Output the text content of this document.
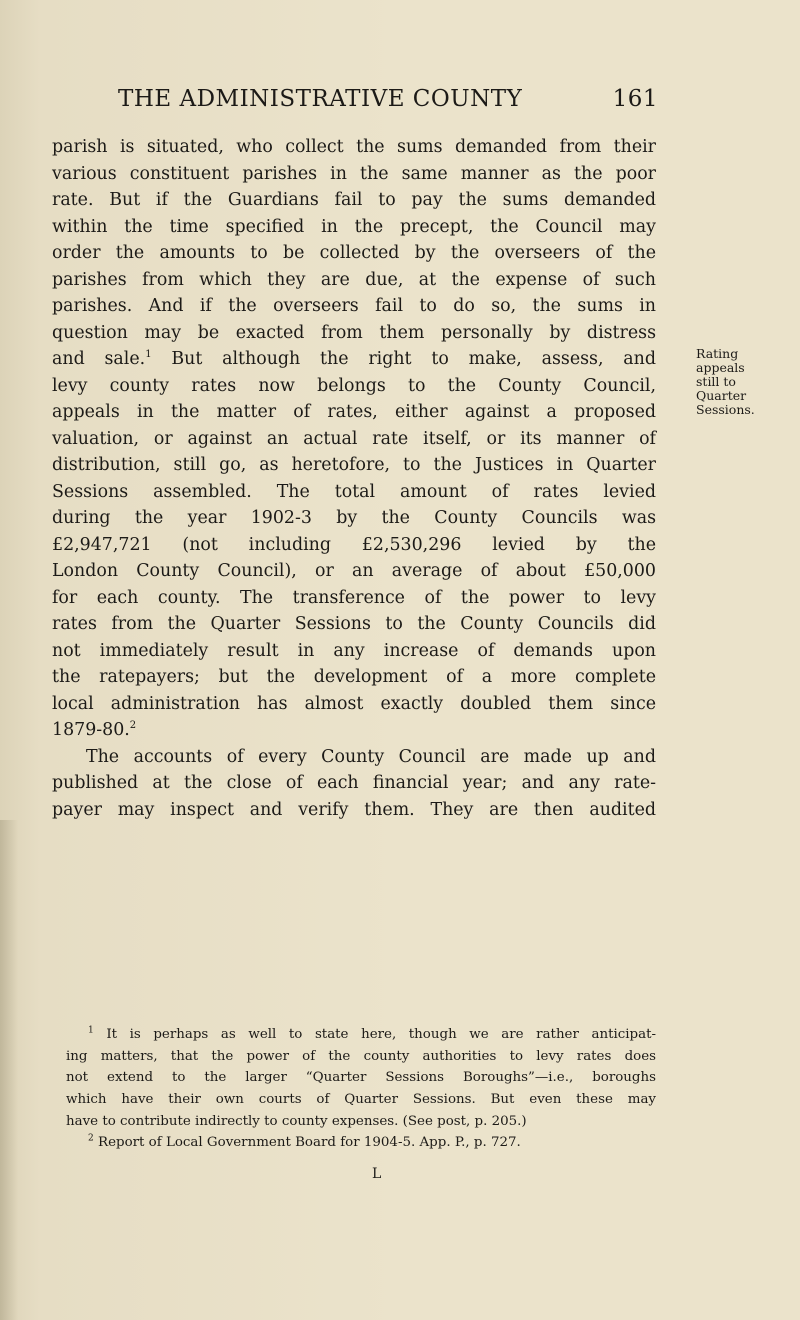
THE ADMINISTRATIVE COUNTY	161
parish is situated, who collect the sums demanded from their
various constituent parishes in the same manner as the poor
rate. But if the Guardians fail to pay the sums demanded
within the time specified in the precept, the Council may
order the amounts to be collected by the overseers of the
parishes from which they are due, at the expense of such
parishes. And if the overseers fail to do so, the sums in
question may be exacted from them personally by distress
and sale.$^1$ But although the right to make, assess, and
levy county rates now belongs to the County Council,
appeals in the matter of rates, either against a proposed
valuation, or against an actual rate itself, or its manner of
distribution, still go, as heretofore, to the Justices in Quarter
Sessions assembled. The total amount of rates levied
during the year 1902-3 by the County Councils was
£2,947,721 (not including £2,530,296 levied by the
London County Council), or an average of about £50,000
for each county. The transference of the power to levy
rates from the Quarter Sessions to the County Councils did
not immediately result in any increase of demands upon
the ratepayers; but the development of a more complete
local administration has almost exactly doubled them since
1879-80.$^2$
The accounts of every County Council are made up and
published at the close of each financial year; and any rate-
payer may inspect and verify them. They are then audited
Rating
appeals
still to
Quarter
Sessions.
$^1$ It is perhaps as well to state here, though we are rather anticipat-
ing matters, that the power of the county authorities to levy rates does
not extend to the larger “Quarter Sessions Boroughs”—i.e., boroughs
which have their own courts of Quarter Sessions. But even these may
have to contribute indirectly to county expenses. (See post, p. 205.)
$^2$ Report of Local Government Board for 1904-5. App. P., p. 727.
L
